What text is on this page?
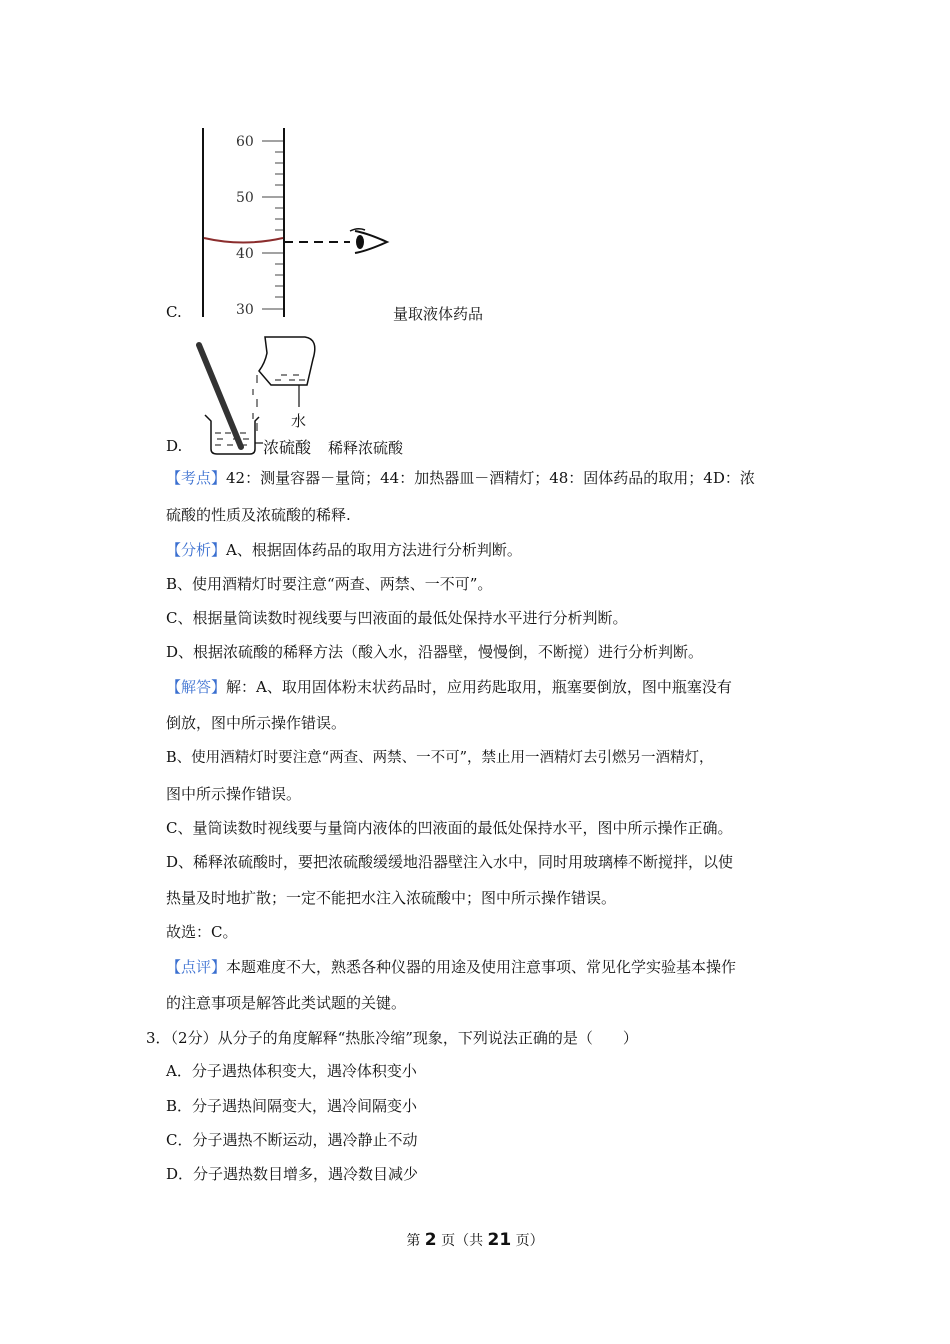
C.
60
50
40
30	量取液体药品
D.
水
浓硫酸 稀释浓硫酸
【考点】42：测量容器－量筒；44：加热器皿－酒精灯；48：固体药品的取用；4D：浓
硫酸的性质及浓硫酸的稀释.
【分析】A、根据固体药品的取用方法进行分析判断。
B、使用酒精灯时要注意“两查、两禁、一不可”。
C、根据量筒读数时视线要与凹液面的最低处保持水平进行分析判断。
D、根据浓硫酸的稀释方法（酸入水，沿器壁，慢慢倒，不断搅）进行分析判断。
【解答】解：A、取用固体粉末状药品时，应用药匙取用，瓶塞要倒放，图中瓶塞没有
倒放，图中所示操作错误。
B、使用酒精灯时要注意“两查、两禁、一不可”，禁止用一酒精灯去引燃另一酒精灯，
图中所示操作错误。
C、量筒读数时视线要与量筒内液体的凹液面的最低处保持水平，图中所示操作正确。
D、稀释浓硫酸时，要把浓硫酸缓缓地沿器壁注入水中，同时用玻璃棒不断搅拌，以使
热量及时地扩散；一定不能把水注入浓硫酸中；图中所示操作错误。
故选：C。
【点评】本题难度不大，熟悉各种仪器的用途及使用注意事项、常见化学实验基本操作
的注意事项是解答此类试题的关键。
3．（2分）从分子的角度解释“热胀冷缩”现象，下列说法正确的是（　　）
A．分子遇热体积变大，遇冷体积变小
B．分子遇热间隔变大，遇冷间隔变小
C．分子遇热不断运动，遇冷静止不动
D．分子遇热数目增多，遇冷数目减少
第 2 页（共 21 页）
